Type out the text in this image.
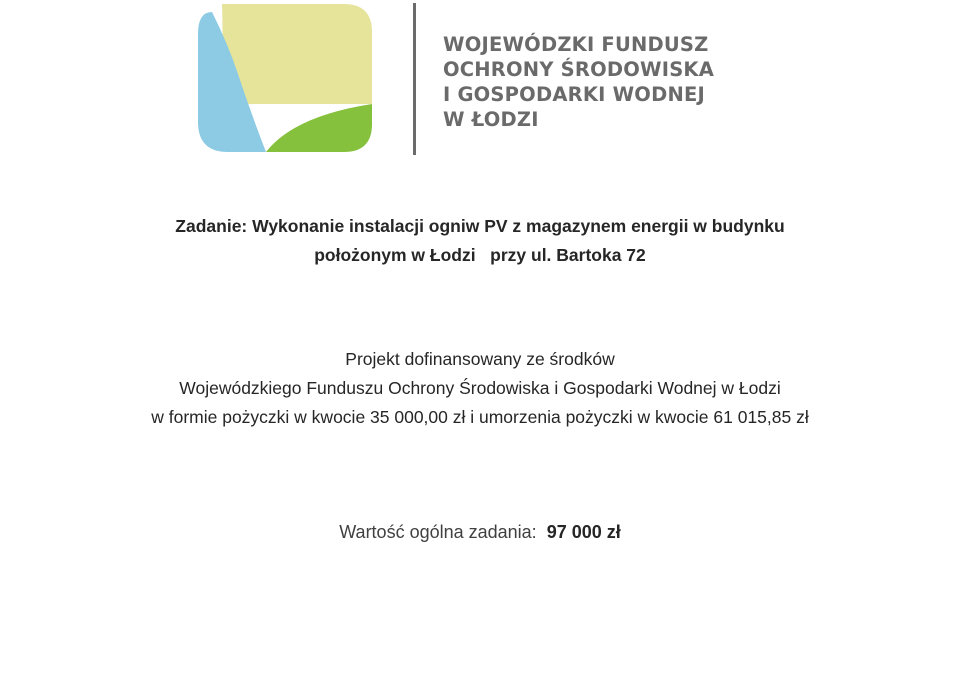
WOJEWÓDZKI FUNDUSZ
OCHRONY ŚRODOWISKA
I GOSPODARKI WODNEJ
W ŁODZI
Zadanie: Wykonanie instalacji ogniw PV z magazynem energii w budynku
położonym w Łodzi   przy ul. Bartoka 72
Projekt dofinansowany ze środków
Wojewódzkiego Funduszu Ochrony Środowiska i Gospodarki Wodnej w Łodzi
w formie pożyczki w kwocie 35 000,00 zł i umorzenia pożyczki w kwocie 61 015,85 zł
Wartość ogólna zadania:  97 000 zł
